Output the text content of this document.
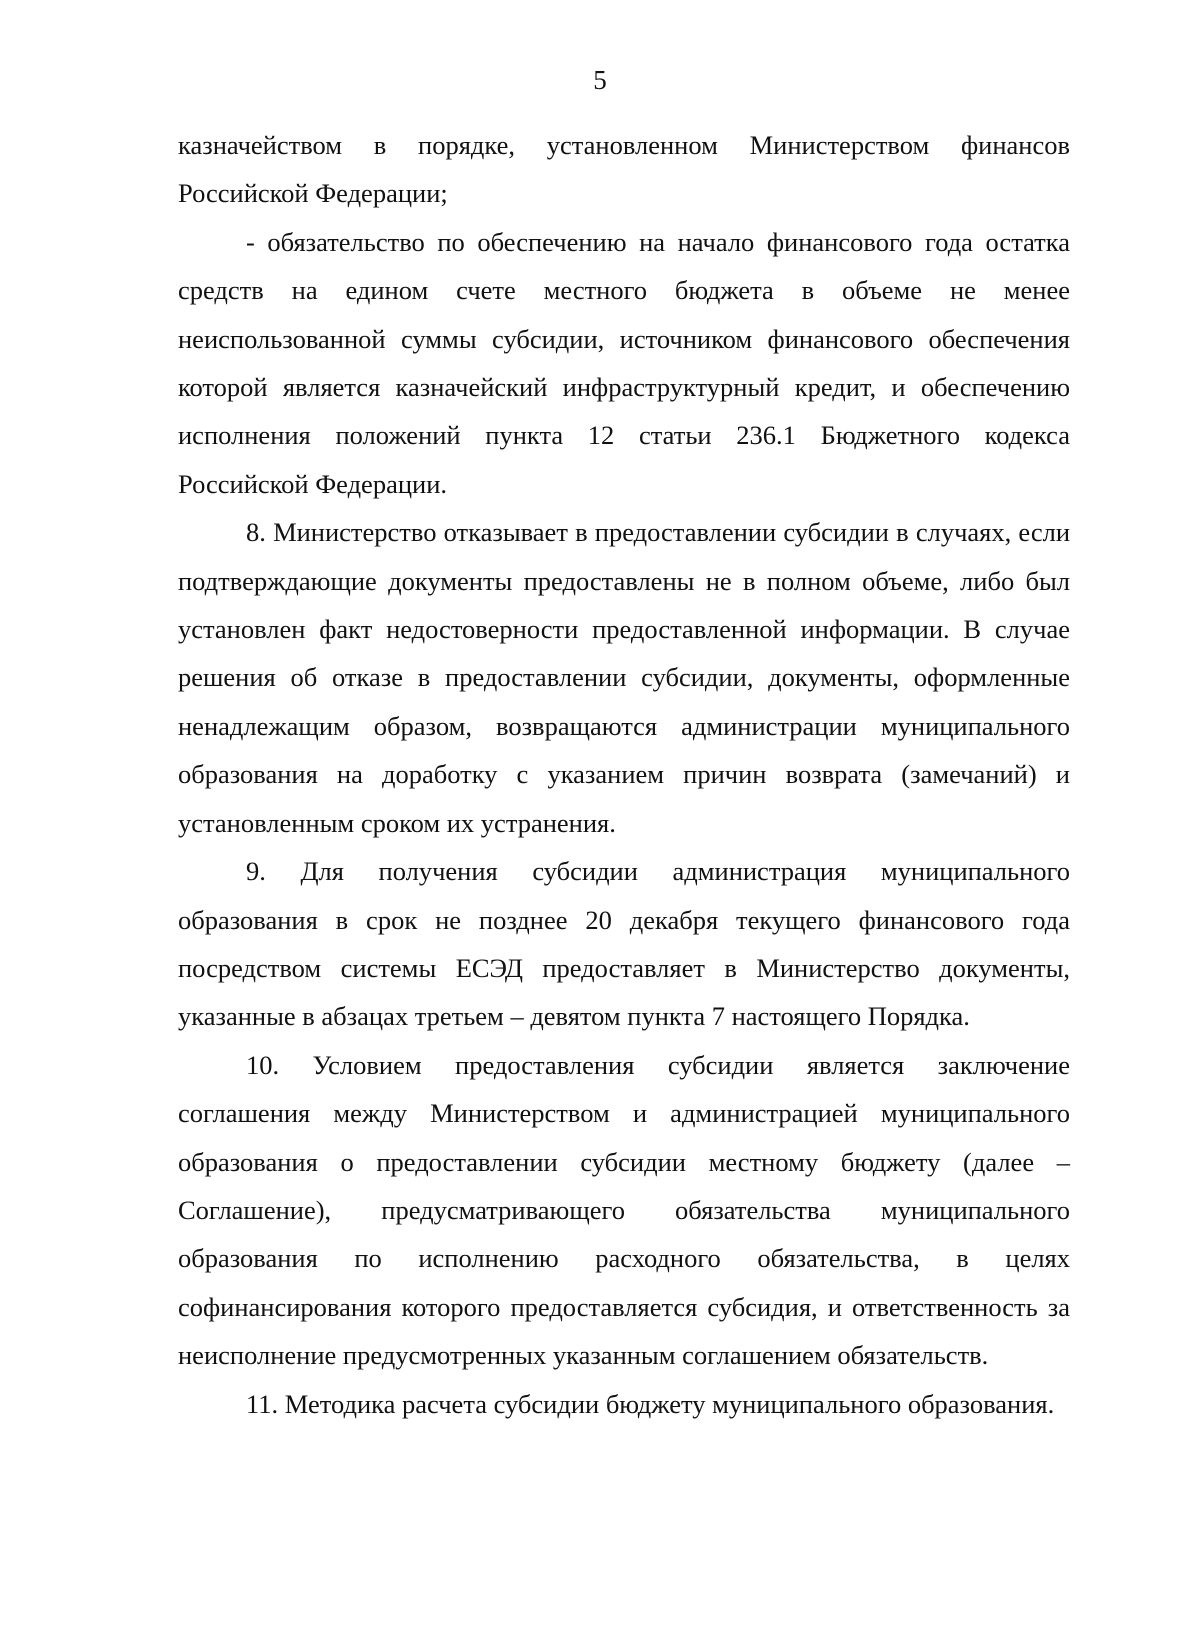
5

казначейством в порядке, установленном Министерством финансов Российской Федерации;

- обязательство по обеспечению на начало финансового года остатка средств на едином счете местного бюджета в объеме не менее неиспользованной суммы субсидии, источником финансового обеспечения которой является казначейский инфраструктурный кредит, и обеспечению исполнения положений пункта 12 статьи 236.1 Бюджетного кодекса Российской Федерации.

8. Министерство отказывает в предоставлении субсидии в случаях, если подтверждающие документы предоставлены не в полном объеме, либо был установлен факт недостоверности предоставленной информации. В случае решения об отказе в предоставлении субсидии, документы, оформленные ненадлежащим образом, возвращаются администрации муниципального образования на доработку с указанием причин возврата (замечаний) и установленным сроком их устранения.

9. Для получения субсидии администрация муниципального образования в срок не позднее 20 декабря текущего финансового года посредством системы ЕСЭД предоставляет в Министерство документы, указанные в абзацах третьем – девятом пункта 7 настоящего Порядка.

10. Условием предоставления субсидии является заключение соглашения между Министерством и администрацией муниципального образования о предоставлении субсидии местному бюджету (далее – Соглашение), предусматривающего обязательства муниципального образования по исполнению расходного обязательства, в целях софинансирования которого предоставляется субсидия, и ответственность за неисполнение предусмотренных указанным соглашением обязательств.

11. Методика расчета субсидии бюджету муниципального образования.
